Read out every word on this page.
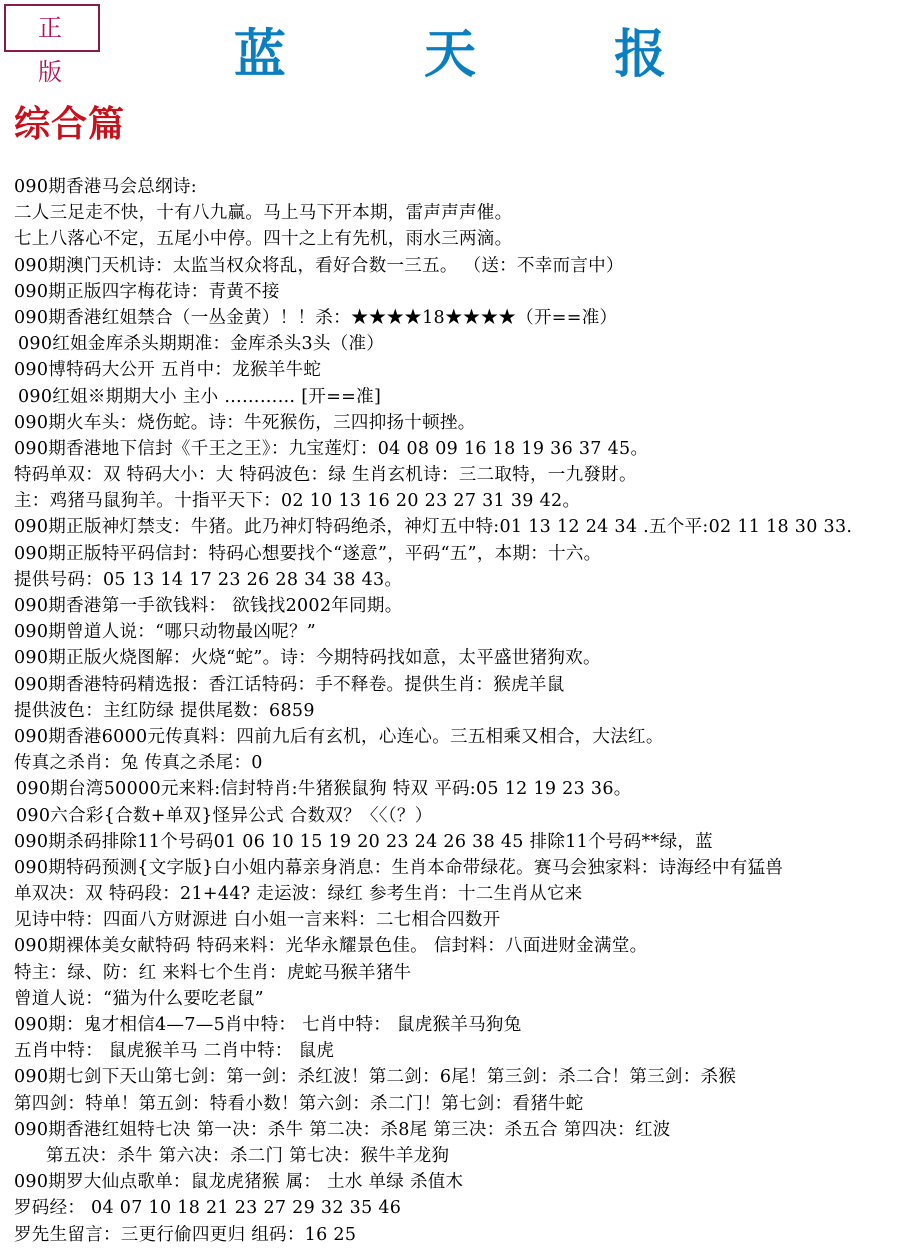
正 版	蓝 天 报
综合篇
090期香港马会总纲诗:
二人三足走不快，十有八九赢。马上马下开本期，雷声声声催。
七上八落心不定，五尾小中停。四十之上有先机，雨水三两滴。
090期澳门天机诗：太监当权众将乱，看好合数一三五。 （送：不幸而言中）
090期正版四字梅花诗：青黄不接
090期香港红姐禁合（一丛金黄）！！杀：★★★★18★★★★（开==准）
090红姐金库杀头期期准：金库杀头3头（准）
090博特码大公开 五肖中：龙猴羊牛蛇
090红姐※期期大小 主小 ………… [开==准]
090期火车头：烧伤蛇。诗：牛死猴伤，三四抑扬十顿挫。
090期香港地下信封《千王之王》：九宝莲灯：04 08 09 16 18 19 36 37 45。
特码单双：双 特码大小：大 特码波色：绿 生肖玄机诗：三二取特，一九發財。
主：鸡猪马鼠狗羊。十指平天下：02 10 13 16 20 23 27 31 39 42。
090期正版神灯禁支：牛猪。此乃神灯特码绝杀，神灯五中特:01 13 12 24 34 .五个平:02 11 18 30 33.
090期正版特平码信封：特码心想要找个“遂意”，平码“五”，本期：十六。
提供号码：05 13 14 17 23 26 28 34 38 43。
090期香港第一手欲钱料： 欲钱找2002年同期。
090期曾道人说：“哪只动物最凶呢？”
090期正版火烧图解：火烧“蛇”。诗：今期特码找如意，太平盛世猪狗欢。
090期香港特码精选报：香江话特码：手不释卷。提供生肖：猴虎羊鼠
提供波色：主红防绿 提供尾数：6859
090期香港6000元传真料：四前九后有玄机，心连心。三五相乘又相合，大法红。
传真之杀肖：兔 传真之杀尾：0
090期台湾50000元来料:信封特肖:牛猪猴鼠狗 特双 平码:05 12 19 23 36。
090六合彩{合数+单双}怪异公式 合数双？〈〈（？）
090期杀码排除11个号码01 06 10 15 19 20 23 24 26 38 45 排除11个号码**绿，蓝
090期特码预测{文字版}白小姐内幕亲身消息：生肖本命带绿花。赛马会独家料：诗海经中有猛兽
单双决：双 特码段：21+44? 走运波：绿红 参考生肖：十二生肖从它来
见诗中特：四面八方财源进 白小姐一言来料：二七相合四数开
090期裸体美女献特码 特码来料：光华永耀景色佳。 信封料：八面进财金满堂。
特主：绿、防：红 来料七个生肖：虎蛇马猴羊猪牛
曾道人说：“猫为什么要吃老鼠”
090期：鬼才相信4—7—5肖中特： 七肖中特： 鼠虎猴羊马狗兔
五肖中特： 鼠虎猴羊马 二肖中特： 鼠虎
090期七剑下天山第七剑：第一剑：杀红波！第二剑：6尾！第三剑：杀二合！第三剑：杀猴
第四剑：特单！第五剑：特看小数！第六剑：杀二门！第七剑：看猪牛蛇
090期香港红姐特七决 第一决：杀牛 第二决：杀8尾 第三决：杀五合 第四决：红波
第五决：杀牛 第六决：杀二门 第七决：猴牛羊龙狗
090期罗大仙点歌单：鼠龙虎猪猴 属： 土水 单绿 杀值木
罗码经： 04 07 10 18 21 23 27 29 32 35 46
罗先生留言：三更行偷四更归 组码：16 25
